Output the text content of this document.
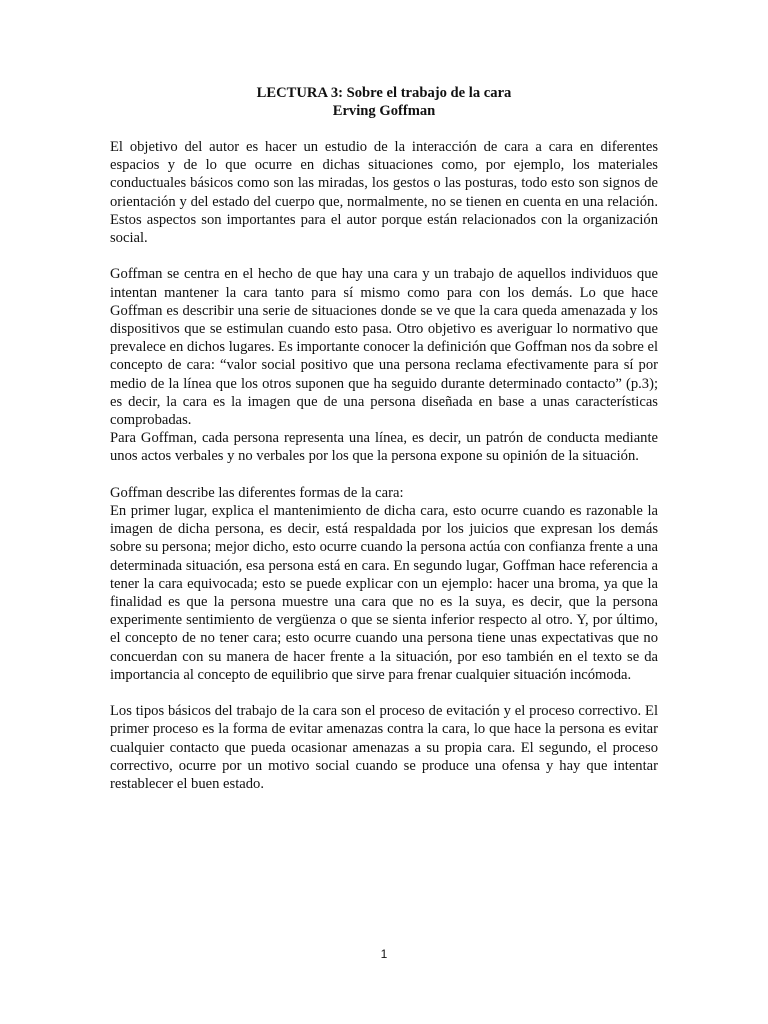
LECTURA 3: Sobre el trabajo de la cara
Erving Goffman

El objetivo del autor es hacer un estudio de la interacción de cara a cara en diferentes espacios y de lo que ocurre en dichas situaciones como, por ejemplo, los materiales conductuales básicos como son las miradas, los gestos o las posturas, todo esto son signos de orientación y del estado del cuerpo que, normalmente, no se tienen en cuenta en una relación. Estos aspectos son importantes para el autor porque están relacionados con la organización social.

Goffman se centra en el hecho de que hay una cara y un trabajo de aquellos individuos que intentan mantener la cara tanto para sí mismo como para con los demás. Lo que hace Goffman es describir una serie de situaciones donde se ve que la cara queda amenazada y los dispositivos que se estimulan cuando esto pasa. Otro objetivo es averiguar lo normativo que prevalece en dichos lugares. Es importante conocer la definición que Goffman nos da sobre el concepto de cara: “valor social positivo que una persona reclama efectivamente para sí por medio de la línea que los otros suponen que ha seguido durante determinado contacto” (p.3); es decir, la cara es la imagen que de una persona diseñada en base a unas características comprobadas.

Para Goffman, cada persona representa una línea, es decir, un patrón de conducta mediante unos actos verbales y no verbales por los que la persona expone su opinión de la situación.

Goffman describe las diferentes formas de la cara:

En primer lugar, explica el mantenimiento de dicha cara, esto ocurre cuando es razonable la imagen de dicha persona, es decir, está respaldada por los juicios que expresan los demás sobre su persona; mejor dicho, esto ocurre cuando la persona actúa con confianza frente a una determinada situación, esa persona está en cara. En segundo lugar, Goffman hace referencia a tener la cara equivocada; esto se puede explicar con un ejemplo: hacer una broma, ya que la finalidad es que la persona muestre una cara que no es la suya, es decir, que la persona experimente sentimiento de vergüenza o que se sienta inferior respecto al otro. Y, por último, el concepto de no tener cara; esto ocurre cuando una persona tiene unas expectativas que no concuerdan con su manera de hacer frente a la situación, por eso también en el texto se da importancia al concepto de equilibrio que sirve para frenar cualquier situación incómoda.

Los tipos básicos del trabajo de la cara son el proceso de evitación y el proceso correctivo. El primer proceso es la forma de evitar amenazas contra la cara, lo que hace la persona es evitar cualquier contacto que pueda ocasionar amenazas a su propia cara. El segundo, el proceso correctivo, ocurre por un motivo social cuando se produce una ofensa y hay que intentar restablecer el buen estado.

1
